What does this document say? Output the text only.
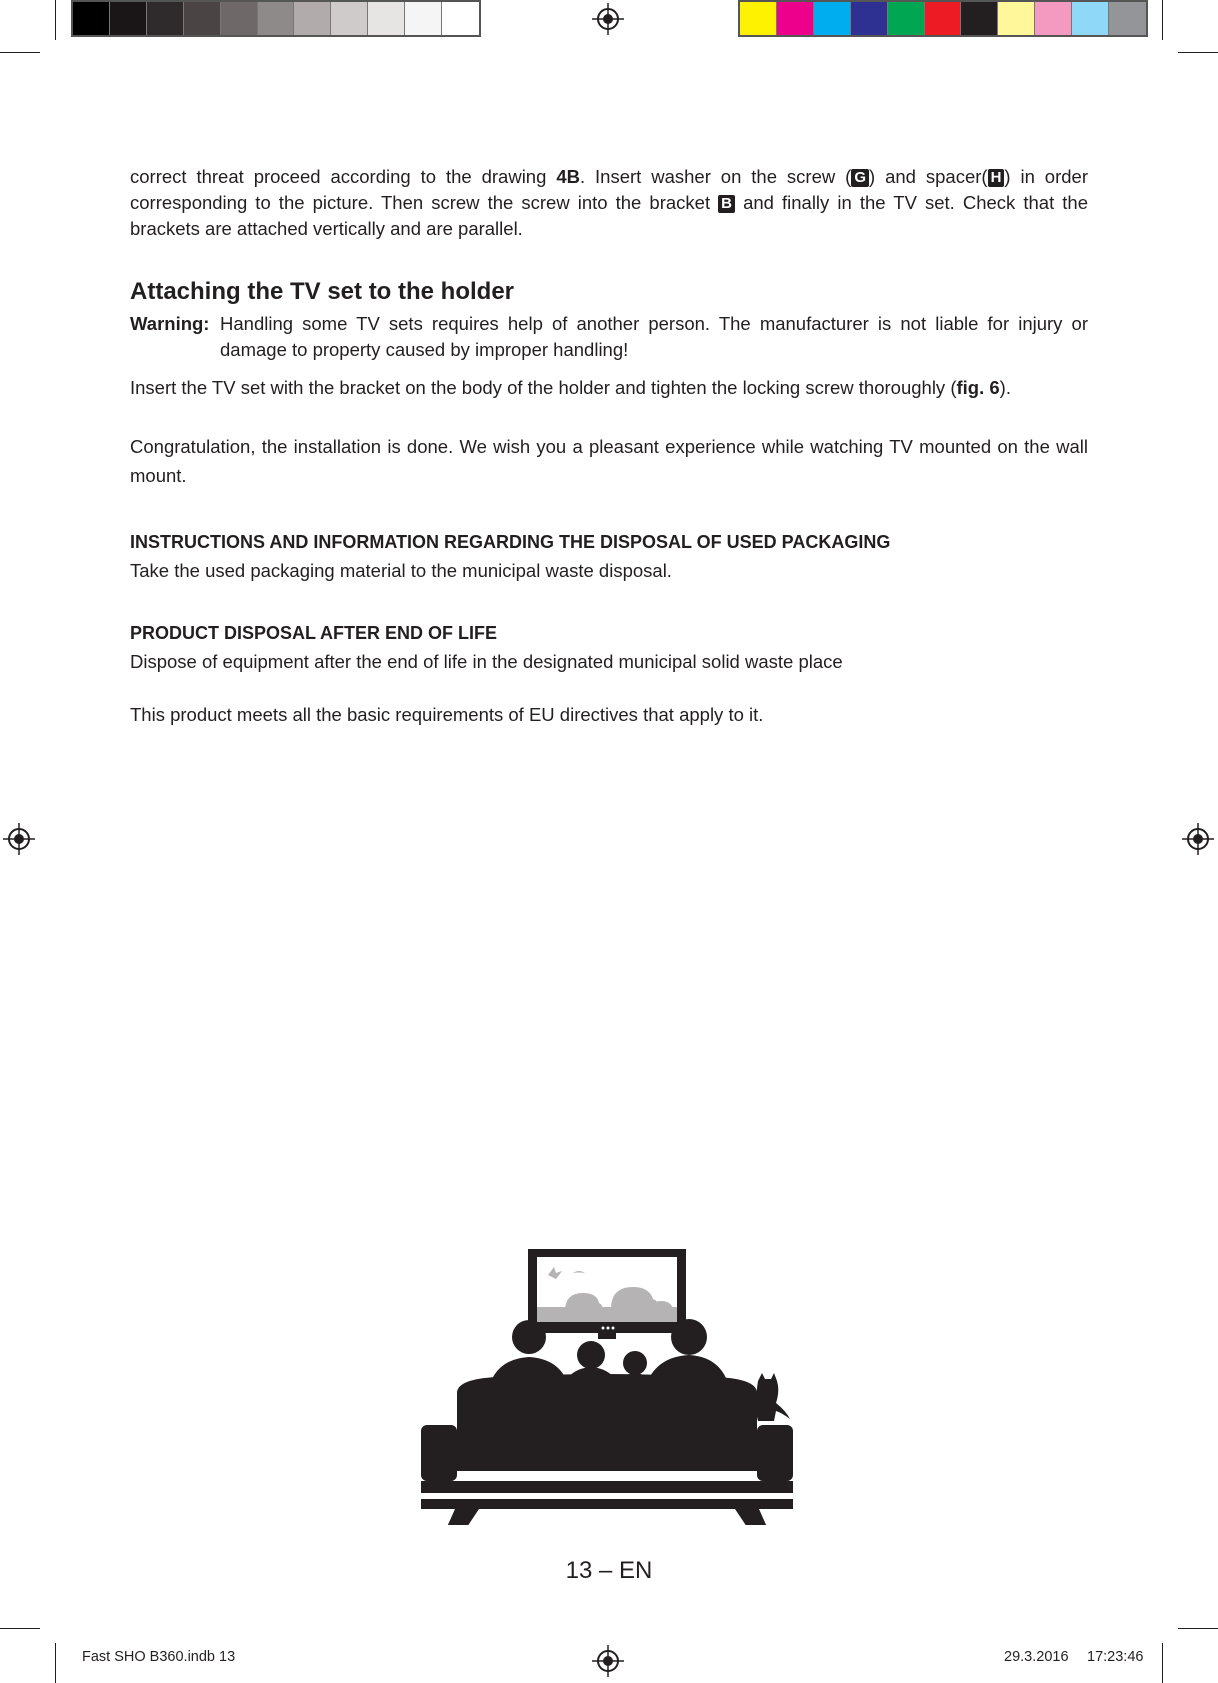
correct threat proceed according to the drawing 4B. Insert washer on the screw ( G ) and spacer( H ) in order corresponding to the picture. Then screw the screw into the bracket B and finally in the TV set. Check that the brackets are attached vertically and are parallel.
Attaching the TV set to the holder
Warning: Handling some TV sets requires help of another person. The manufacturer is not liable for injury or damage to property caused by improper handling!
Insert the TV set with the bracket on the body of the holder and tighten the locking screw thoroughly (fig. 6).
Congratulation, the installation is done. We wish you a pleasant experience while watching TV mounted on the wall mount.
INSTRUCTIONS AND INFORMATION REGARDING THE DISPOSAL OF USED PACKAGING
Take the used packaging material to the municipal waste disposal.
PRODUCT DISPOSAL AFTER END OF LIFE
Dispose of equipment after the end of life in the designated municipal solid waste place
This product meets all the basic requirements of EU directives that apply to it.
13 – EN
Fast SHO B360.indb 13	29.3.2016 17:23:46
